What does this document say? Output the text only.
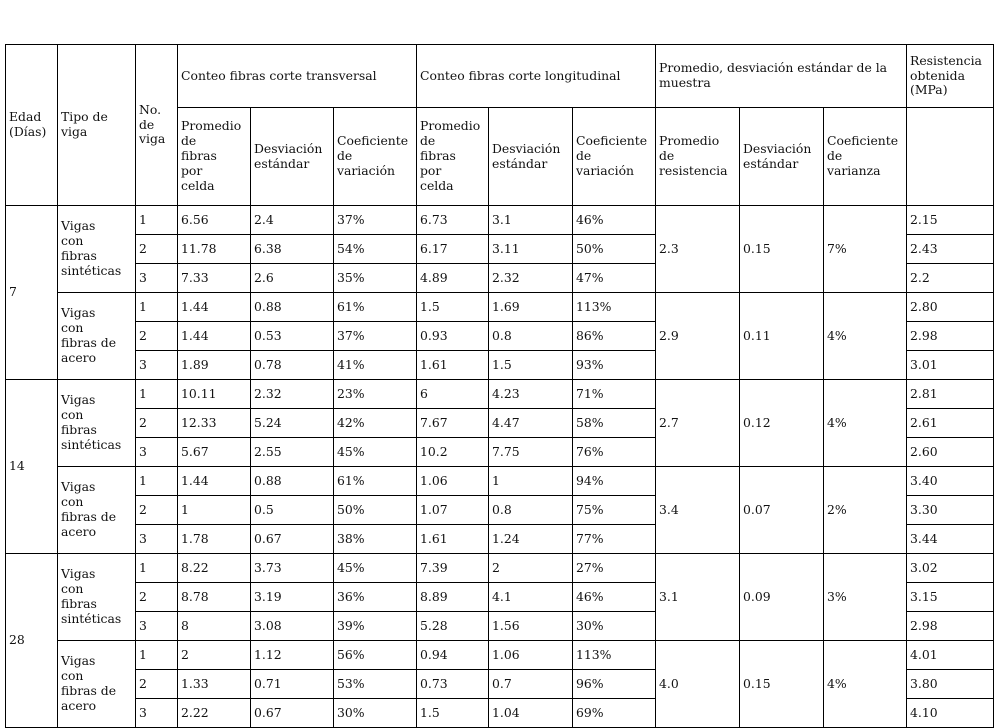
Edad
(Días)	Tipo de
viga	No.
de
viga	Conteo fibras corte transversal			Conteo fibras corte longitudinal			Promedio, desviación estándar de la muestra			Resistencia
obtenida
(MPa)
			Promedio
de
fibras
por
celda	Desviación
estándar	Coeficiente
de
variación	Promedio
de
fibras
por
celda	Desviación
estándar	Coeficiente
de
variación	Promedio
de
resistencia	Desviación
estándar	Coeficiente
de
varianza	
7	Vigas
con
fibras
sintéticas	1	6.56	2.4	37%	6.73	3.1	46%	2.3	0.15	7%	2.15
		2	11.78	6.38	54%	6.17	3.11	50%				2.43
		3	7.33	2.6	35%	4.89	2.32	47%				2.2
	Vigas
con
fibras de
acero	1	1.44	0.88	61%	1.5	1.69	113%	2.9	0.11	4%	2.80
		2	1.44	0.53	37%	0.93	0.8	86%				2.98
		3	1.89	0.78	41%	1.61	1.5	93%				3.01
14	Vigas
con
fibras
sintéticas	1	10.11	2.32	23%	6	4.23	71%	2.7	0.12	4%	2.81
		2	12.33	5.24	42%	7.67	4.47	58%				2.61
		3	5.67	2.55	45%	10.2	7.75	76%				2.60
	Vigas
con
fibras de
acero	1	1.44	0.88	61%	1.06	1	94%	3.4	0.07	2%	3.40
		2	1	0.5	50%	1.07	0.8	75%				3.30
		3	1.78	0.67	38%	1.61	1.24	77%				3.44
28	Vigas
con
fibras
sintéticas	1	8.22	3.73	45%	7.39	2	27%	3.1	0.09	3%	3.02
		2	8.78	3.19	36%	8.89	4.1	46%				3.15
		3	8	3.08	39%	5.28	1.56	30%				2.98
	Vigas
con
fibras de
acero	1	2	1.12	56%	0.94	1.06	113%	4.0	0.15	4%	4.01
		2	1.33	0.71	53%	0.73	0.7	96%				3.80
		3	2.22	0.67	30%	1.5	1.04	69%				4.10
